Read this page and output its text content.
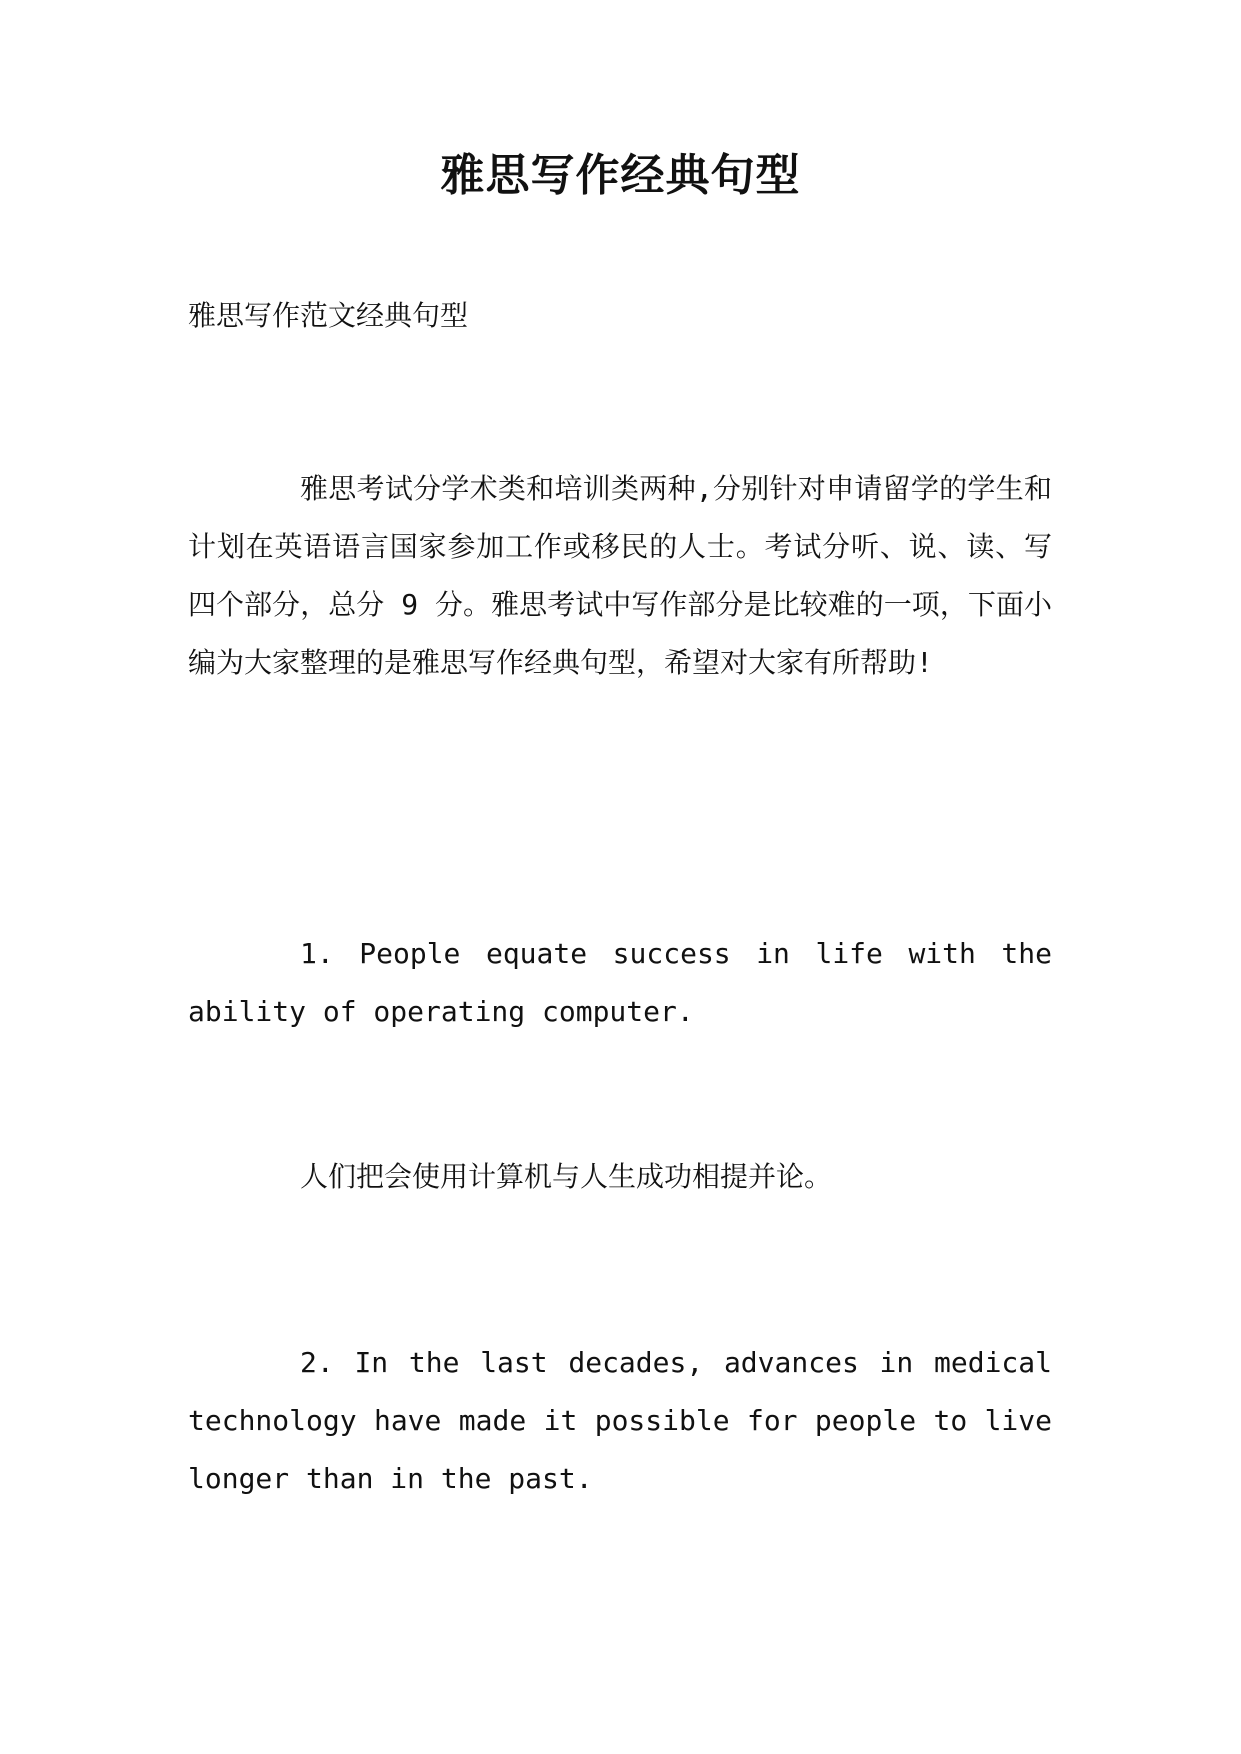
雅思写作经典句型

雅思写作范文经典句型

雅思考试分学术类和培训类两种,分别针对申请留学的学生和计划在英语语言国家参加工作或移民的人士。考试分听、说、读、写四个部分，总分 9 分。雅思考试中写作部分是比较难的一项，下面小编为大家整理的是雅思写作经典句型，希望对大家有所帮助!

1. People equate success in life with the ability of operating computer.

人们把会使用计算机与人生成功相提并论。

2. In the last decades, advances in medical technology have made it possible for people to live longer than in the past.
